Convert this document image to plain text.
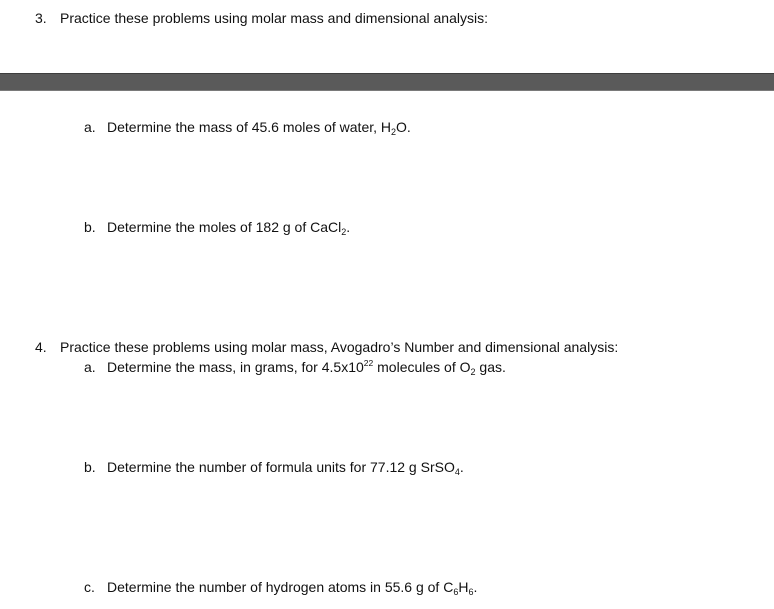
3. Practice these problems using molar mass and dimensional analysis:
a. Determine the mass of 45.6 moles of water, $H_2O$.
b. Determine the moles of 182 g of CaCl$_2$.
4. Practice these problems using molar mass, Avogadro’s Number and dimensional analysis:
a. Determine the mass, in grams, for $4.5x10^{22}$ molecules of $O_2$ gas.
b. Determine the number of formula units for 77.12 g SrSO$_4$.
c. Determine the number of hydrogen atoms in 55.6 g of $C_6H_6$.
